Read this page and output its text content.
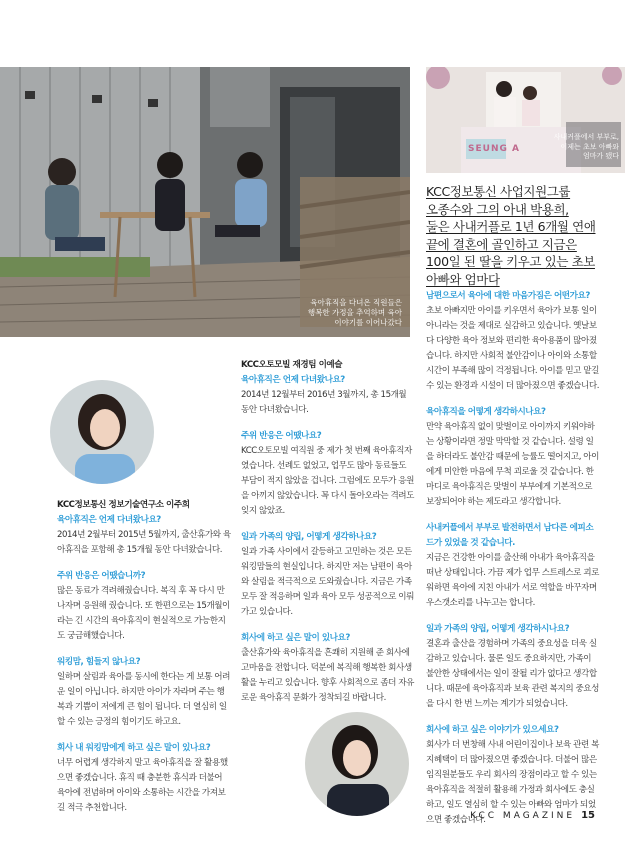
육아휴직을 다녀온 직원들은
행복한 가정을 추억하며 육아
이야기를 이어나갔다
SEUNG A
사내커플에서 부부로,
이제는 초보 아빠와
엄마가 됐다
KCC정보통신 사업지원그룹
오종수와 그의 아내 박용희,
둘은 사내커플로 1년 6개월 연애
끝에 결혼에 골인하고 지금은
100일 된 딸을 키우고 있는 초보
아빠와 엄마다

KCC정보통신 정보기술연구소 이주희

육아휴직은 언제 다녀왔나요?

2014년 2월부터 2015년 5월까지, 출산휴가와 육아휴직을 포함해 총 15개월 동안 다녀왔습니다.

주위 반응은 어땠습니까?

많은 동료가 격려해줬습니다. 복직 후 꼭 다시 만나자며 응원해 줬습니다. 또 한편으로는 15개월이라는 긴 시간의 육아휴직이 현실적으로 가능한지도 궁금해했습니다.

워킹맘, 힘들지 않나요?

일하며 살림과 육아를 동시에 한다는 게 보통 어려운 일이 아닙니다. 하지만 아이가 자라며 주는 행복과 기쁨이 저에게 큰 힘이 됩니다. 더 열심히 일 할 수 있는 긍정의 힘이기도 하고요.

회사 내 워킹맘에게 하고 싶은 말이 있나요?

너무 어렵게 생각하지 말고 육아휴직을 잘 활용했으면 좋겠습니다. 휴직 때 충분한 휴식과 더불어 육아에 전념하며 아이와 소통하는 시간을 가져보길 적극 추천합니다.

KCC오토모빌 재경팀 이예슬

육아휴직은 언제 다녀왔나요?

2014년 12월부터 2016년 3월까지, 총 15개월 동안 다녀왔습니다.

주위 반응은 어땠나요?

KCC오토모빌 여직원 중 제가 첫 번째 육아휴직자였습니다. 선례도 없었고, 업무도 많아 동료들도 부담이 적지 않았을 겁니다. 그럼에도 모두가 응원을 아끼지 않았습니다. 꼭 다시 돌아오라는 격려도 잊지 않았죠.

일과 가족의 양립, 어떻게 생각하나요?

일과 가족 사이에서 갈등하고 고민하는 것은 모든 워킹맘들의 현실입니다. 하지만 저는 남편이 육아와 살림을 적극적으로 도와줬습니다. 지금은 가족 모두 잘 적응하며 일과 육아 모두 성공적으로 이뤄가고 있습니다.

회사에 하고 싶은 말이 있나요?

출산휴가와 육아휴직을 흔쾌히 지원해 준 회사에 고마움을 전합니다. 덕분에 복직해 행복한 회사생활을 누리고 있습니다. 향후 사회적으로 좀더 자유로운 육아휴직 문화가 정착되길 바랍니다.

남편으로서 육아에 대한 마음가짐은 어떤가요?

초보 아빠지만 아이를 키우면서 육아가 보통 일이 아니라는 것을 제대로 실감하고 있습니다. 옛날보다 다양한 육아 정보와 편리한 육아용품이 많아졌습니다. 하지만 사회적 불안감이나 아이와 소통할 시간이 부족해 많이 걱정됩니다. 아이를 믿고 맡길 수 있는 환경과 시설이 더 많아졌으면 좋겠습니다.

육아휴직을 어떻게 생각하시나요?

만약 육아휴직 없이 맞벌이로 아이까지 키워야하는 상황이라면 정말 막막할 것 같습니다. 설령 일을 하더라도 불안감 때문에 능률도 떨어지고, 아이에게 미안한 마음에 무척 괴로울 것 같습니다. 한 마디로 육아휴직은 맞벌이 부부에게 기본적으로 보장되어야 하는 제도라고 생각합니다.

사내커플에서 부부로 발전하면서 남다른 에피소드가 있었을 것 같습니다.

지금은 건강한 아이를 출산해 아내가 육아휴직을 떠난 상태입니다. 가끔 제가 업무 스트레스로 괴로워하면 육아에 지친 아내가 서로 역할을 바꾸자며 우스갯소리를 나누고는 합니다.

일과 가족의 양립, 어떻게 생각하시나요?

결혼과 출산을 경험하며 가족의 중요성을 더욱 실감하고 있습니다. 물론 일도 중요하지만, 가족이 불안한 상태에서는 일이 잘될 리가 없다고 생각합니다. 때문에 육아휴직과 보육 관련 복지의 중요성을 다시 한 번 느끼는 계기가 되었습니다.

회사에 하고 싶은 이야기가 있으세요?

회사가 더 번창해 사내 어린이집이나 보육 관련 복지혜택이 더 많아졌으면 좋겠습니다. 더불어 많은 임직원분들도 우리 회사의 장점이라고 할 수 있는 육아휴직을 적절히 활용해 가정과 회사에도 충실하고, 일도 열심히 할 수 있는 아빠와 엄마가 되었으면 좋겠습니다.

KCC MAGAZINE 15
